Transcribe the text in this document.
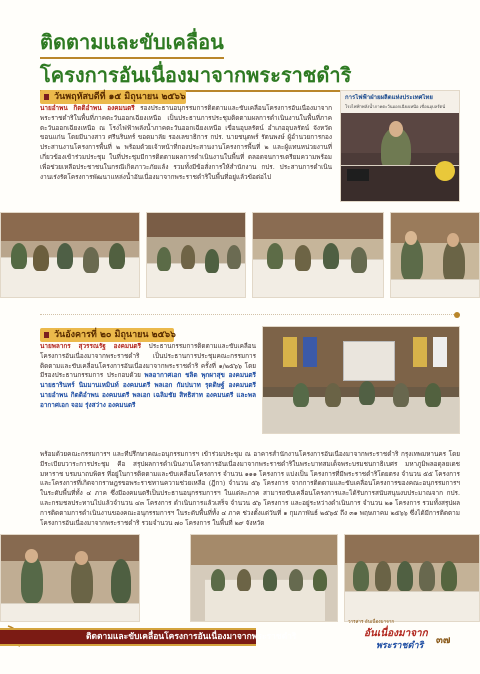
ติดตามและขับเคลื่อน
โครงการอันเนื่องมาจากพระราชดำริ
วันพฤหัสบดีที่ ๑๕ มิถุนายน ๒๕๖๖
นายอำพน กิตติอำพน องคมนตรี รองประธานอนุกรรมการติดตามและขับเคลื่อนโครงการอันเนื่องมาจากพระราชดำริในพื้นที่ภาคตะวันออกเฉียงเหนือ เป็นประธานการประชุมติดตามผลการดำเนินงานในพื้นที่ภาคตะวันออกเฉียงเหนือ ณ โรงไฟฟ้าพลังน้ำภาคตะวันออกเฉียงเหนือ เขื่อนอุบลรัตน์ อำเภออุบลรัตน์ จังหวัดขอนแก่น โดยมีนางสาว ศรีนรินทร์ ขอดมาลัย รองเลขาธิการ กปร. นายชนุตพร์ รัตนพงษ์ ผู้อำนวยการกองประสานงานโครงการพื้นที่ ๒ พร้อมด้วยเจ้าหน้าที่กองประสานงานโครงการพื้นที่ ๒ และผู้แทนหน่วยงานที่เกี่ยวข้องเข้าร่วมประชุม ในที่ประชุมมีการติดตามผลการดำเนินงานในพื้นที่ ตลอดจนการเตรียมความพร้อมเพื่อช่วยเหลือประชาชนในกรณีเกิดภาวะภัยแล้ง รวมทั้งมีข้อสั่งการให้สำนักงาน กปร. ประสานการดำเนินงานเร่งรัดโครงการพัฒนาแหล่งน้ำอันเนื่องมาจากพระราชดำริในพื้นที่อยู่แล้วข้อต่อไป
การไฟฟ้าฝ่ายผลิตแห่งประเทศไทย
โรงไฟฟ้าพลังน้ำภาคตะวันออกเฉียงเหนือ เขื่อนอุบลรัตน์
วันอังคารที่ ๒๐ มิถุนายน ๒๕๖๖
นายพลากร สุวรรณรัฐ องคมนตรี ประธานกรรมการติดตามและขับเคลื่อนโครงการอันเนื่องมาจากพระราชดำริ เป็นประธานการประชุมคณะกรรมการติดตามและขับเคลื่อนโครงการอันเนื่องมาจากพระราชดำริ ครั้งที่ ๑/๒๕๖๖ โดยมีรองประธานกรรมการ ประกอบด้วย พลอากาศเอก ชลิต พุกผาสุข องคมนตรี นายธารินทร์ นิมมานเหมินท์ องคมนตรี พลเอก กัมปนาท รุดดิษฐ์ องคมนตรี นายอำพน กิตติอำพน องคมนตรี พลเอก เฉลิมชัย สิทธิสาท องคมนตรี และพลอากาศเอก จอม รุ่งสว่าง องคมนตรี
พร้อมด้วยคณะกรรมการฯ และที่ปรึกษาคณะอนุกรรมการฯ เข้าร่วมประชุม ณ อาคารสำนักงานโครงการอันเนื่องมาจากพระราชดำริ กรุงเทพมหานคร โดยมีระเบียบวาระการประชุม คือ สรุปผลการดำเนินงานโครงการอันเนื่องมาจากพระราชดำริในพระบาทสมเด็จพระบรมชนกาธิเบศร มหาภูมิพลอดุลยเดชมหาราช บรมนาถบพิตร ที่อยู่ในการติดตามและขับเคลื่อนโครงการ จำนวน ๑๑๑ โครงการ แบ่งเป็น โครงการที่มีพระราชดำริโดยตรง จำนวน ๕๕ โครงการ และโครงการที่เกิดจากราษฎรขอพระราชทานความช่วยเหลือ (ฎีกา) จำนวน ๕๖ โครงการ จากการติดตามและขับเคลื่อนโครงการของคณะอนุกรรมการฯ ในระดับพื้นที่ทั้ง ๔ ภาค ซึ่งมีองคมนตรีเป็นประธานอนุกรรมการฯ ในแต่ละภาค สามารถขับเคลื่อนโครงการและได้รับการสนับสนุนงบประมาณจาก กปร. และกรมชลประทานไปแล้วจำนวน ๔๓ โครงการ ดำเนินการแล้วเสร็จ จำนวน ๕๖ โครงการ และอยู่ระหว่างดำเนินการ จำนวน ๒๑ โครงการ รวมทั้งสรุปผลการติดตามการดำเนินงานของคณะอนุกรรมการฯ ในระดับพื้นที่ทั้ง ๔ ภาค ช่วงตั้งแต่วันที่ ๑ กุมภาพันธ์ ๒๕๖๕ ถึง ๓๑ พฤษภาคม ๒๕๖๖ ซึ่งได้มีการติดตามโครงการอันเนื่องมาจากพระราชดำริ รวมจำนวน ๗๐ โครงการ ในพื้นที่ ๒๙ จังหวัด
ติดตามและขับเคลื่อนโครงการอันเนื่องมาจากพระราชดำริ
วารสาร อันเนื่องมาจาก
อันเนื่องมาจาก
พระราชดำริ ๓๗
